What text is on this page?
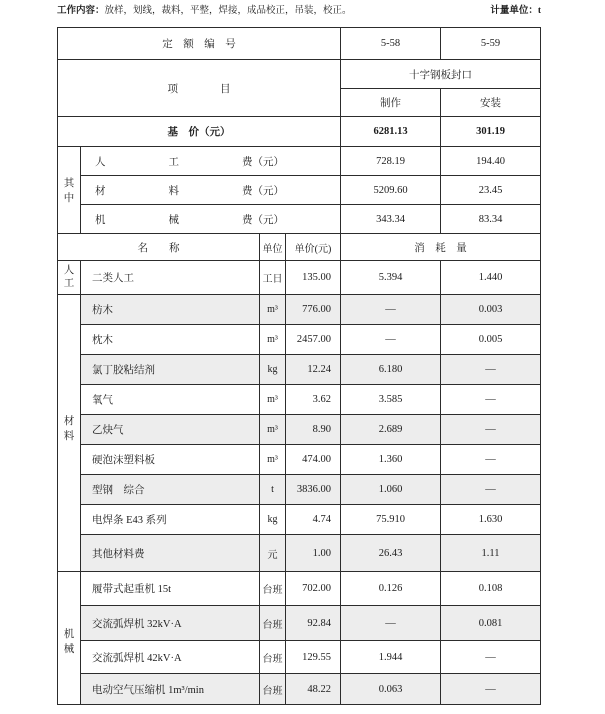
工作内容：放样，划线，裁料，平整，焊接，成品校正，吊装，校正。	计量单位：t
定　额　编　号				5-58	5-59
项　　　　目				十字钢板封口	
				制作	安装
基　价（元）				6281.13	301.19

其
中	人　　　　　　工　　　　　　费（元）			728.19	194.40
	材　　　　　　料　　　　　　费（元）			5209.60	23.45
	机　　　　　　械　　　　　　费（元）			343.34	83.34
名　　称		单位	单价(元)	消　耗　量	

人
工	二类人工	工日	135.00	5.394	1.440

材
料	枋木	m³	776.00	—	0.003
	枕木	m³	2457.00	—	0.005
	氯丁胶粘结剂	kg	12.24	6.180	—
	氧气	m³	3.62	3.585	—
	乙炔气	m³	8.90	2.689	—
	硬泡沫塑料板	m³	474.00	1.360	—
	型钢　综合	t	3836.00	1.060	—
	电焊条 E43 系列	kg	4.74	75.910	1.630
	其他材料费	元	1.00	26.43	1.11

机
械	履带式起重机 15t	台班	702.00	0.126	0.108
	交流弧焊机 32kV·A	台班	92.84	—	0.081
	交流弧焊机 42kV·A	台班	129.55	1.944	—
	电动空气压缩机 1m³/min	台班	48.22	0.063	—
